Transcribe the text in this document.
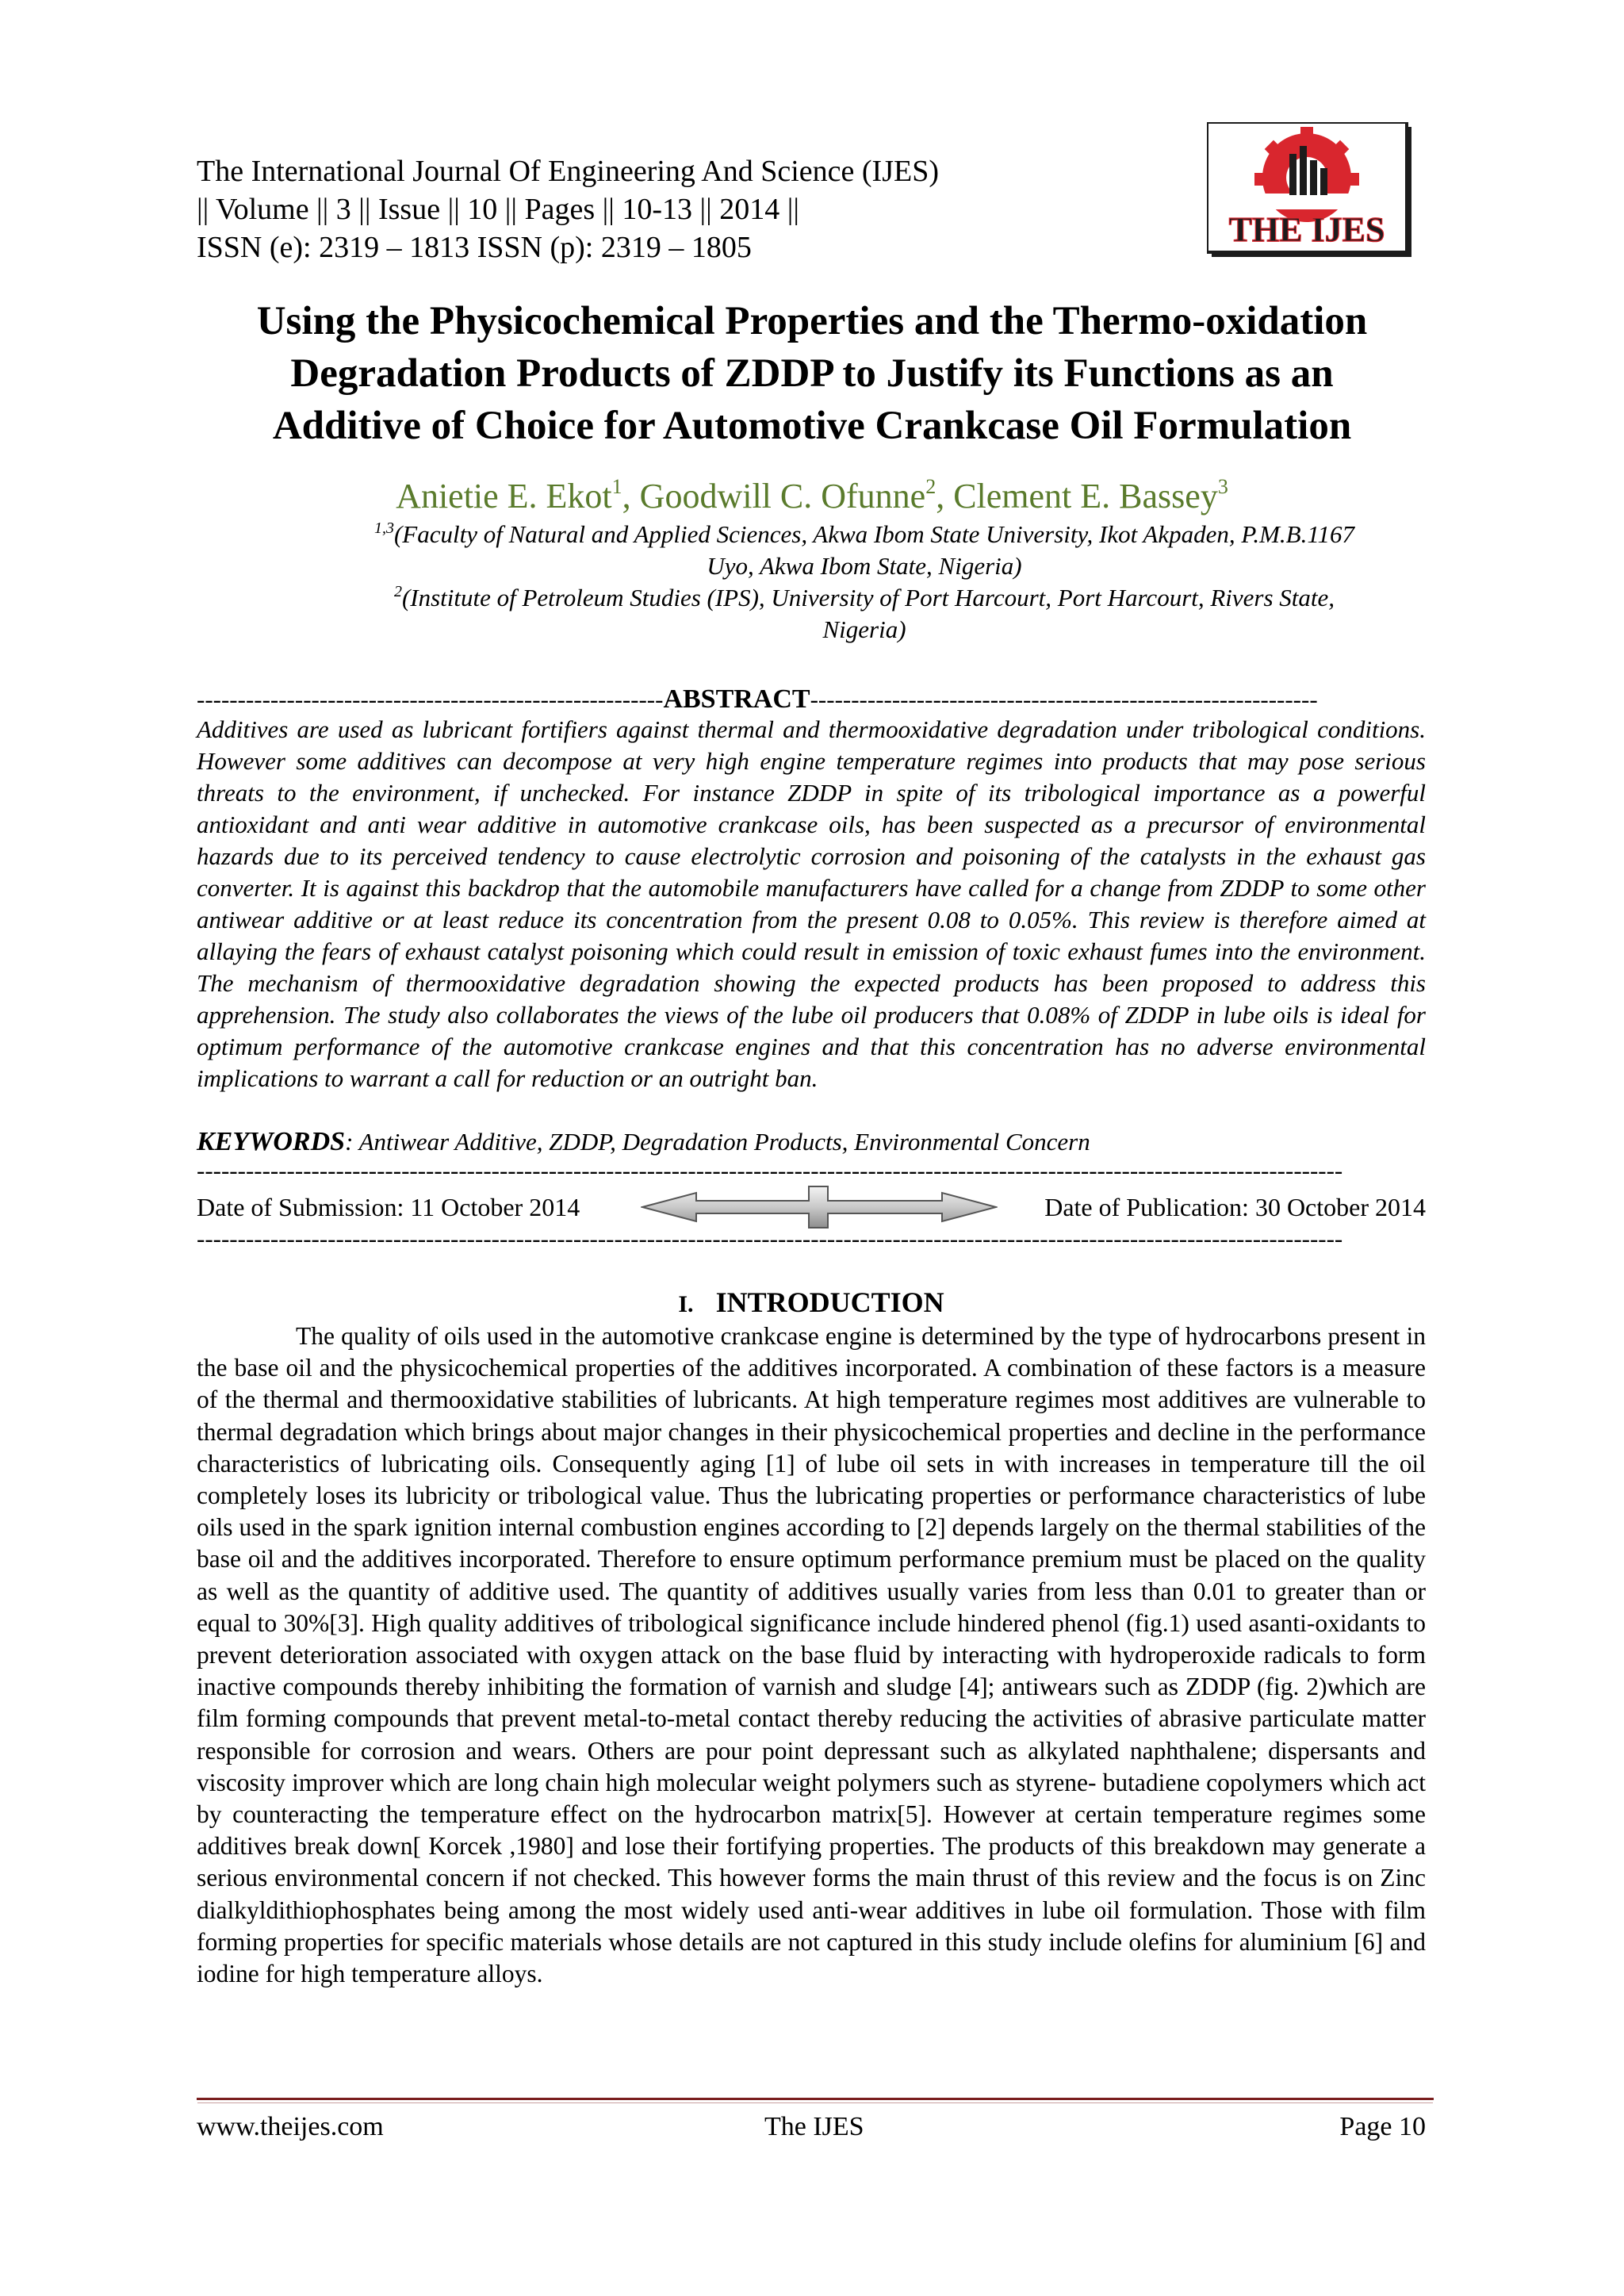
The International Journal Of Engineering And Science (IJES)
|| Volume || 3 || Issue || 10 || Pages || 10-13 || 2014 ||
ISSN (e): 2319 – 1813 ISSN (p): 2319 – 1805	THE IJES
Using the Physicochemical Properties and the Thermo-oxidation
Degradation Products of ZDDP to Justify its Functions as an
Additive of Choice for Automotive Crankcase Oil Formulation
Anietie E. Ekot$^1$, Goodwill C. Ofunne$^2$, Clement E. Bassey$^3$
$^{1,3}$(Faculty of Natural and Applied Sciences, Akwa Ibom State University, Ikot Akpaden, P.M.B.1167
Uyo, Akwa Ibom State, Nigeria)
$^2$(Institute of Petroleum Studies (IPS), University of Port Harcourt, Port Harcourt, Rivers State,
Nigeria)
---------------------------------------------------------ABSTRACT--------------------------------------------------------------
Additives are used as lubricant fortifiers against thermal and thermooxidative degradation under tribological conditions. However some additives can decompose at very high engine temperature regimes into products that may pose serious threats to the environment, if unchecked. For instance ZDDP in spite of its tribological importance as a powerful antioxidant and anti wear additive in automotive crankcase oils, has been suspected as a precursor of environmental hazards due to its perceived tendency to cause electrolytic corrosion and poisoning of the catalysts in the exhaust gas converter. It is against this backdrop that the automobile manufacturers have called for a change from ZDDP to some other antiwear additive or at least reduce its concentration from the present 0.08 to 0.05%. This review is therefore aimed at allaying the fears of exhaust catalyst poisoning which could result in emission of toxic exhaust fumes into the environment. The mechanism of thermooxidative degradation showing the expected products has been proposed to address this apprehension. The study also collaborates the views of the lube oil producers that 0.08% of ZDDP in lube oils is ideal for optimum performance of the automotive crankcase engines and that this concentration has no adverse environmental implications to warrant a call for reduction or an outright ban.
KEYWORDS: Antiwear Additive, ZDDP, Degradation Products, Environmental Concern
--------------------------------------------------------------------------------------------------------------------------------------------
Date of Submission: 11 October 2014	Date of Publication: 30 October 2014
--------------------------------------------------------------------------------------------------------------------------------------------
I. INTRODUCTION

The quality of oils used in the automotive crankcase engine is determined by the type of hydrocarbons present in the base oil and the physicochemical properties of the additives incorporated. A combination of these factors is a measure of the thermal and thermooxidative stabilities of lubricants. At high temperature regimes most additives are vulnerable to thermal degradation which brings about major changes in their physicochemical properties and decline in the performance characteristics of lubricating oils. Consequently aging [1] of lube oil sets in with increases in temperature till the oil completely loses its lubricity or tribological value. Thus the lubricating properties or performance characteristics of lube oils used in the spark ignition internal combustion engines according to [2] depends largely on the thermal stabilities of the base oil and the additives incorporated. Therefore to ensure optimum performance premium must be placed on the quality as well as the quantity of additive used. The quantity of additives usually varies from less than 0.01 to greater than or equal to 30%[3]. High quality additives of tribological significance include hindered phenol (fig.1) used asanti-oxidants to prevent deterioration associated with oxygen attack on the base fluid by interacting with hydroperoxide radicals to form inactive compounds thereby inhibiting the formation of varnish and sludge [4]; antiwears such as ZDDP (fig. 2)which are film forming compounds that prevent metal-to-metal contact thereby reducing the activities of abrasive particulate matter responsible for corrosion and wears. Others are pour point depressant such as alkylated naphthalene; dispersants and viscosity improver which are long chain high molecular weight polymers such as styrene- butadiene copolymers which act by counteracting the temperature effect on the hydrocarbon matrix[5]. However at certain temperature regimes some additives break down[ Korcek ,1980] and lose their fortifying properties. The products of this breakdown may generate a serious environmental concern if not checked. This however forms the main thrust of this review and the focus is on Zinc dialkyldithiophosphates being among the most widely used anti-wear additives in lube oil formulation. Those with film forming properties for specific materials whose details are not captured in this study include olefins for aluminium [6] and iodine for high temperature alloys.

www.theijes.com	The IJES	Page 10
